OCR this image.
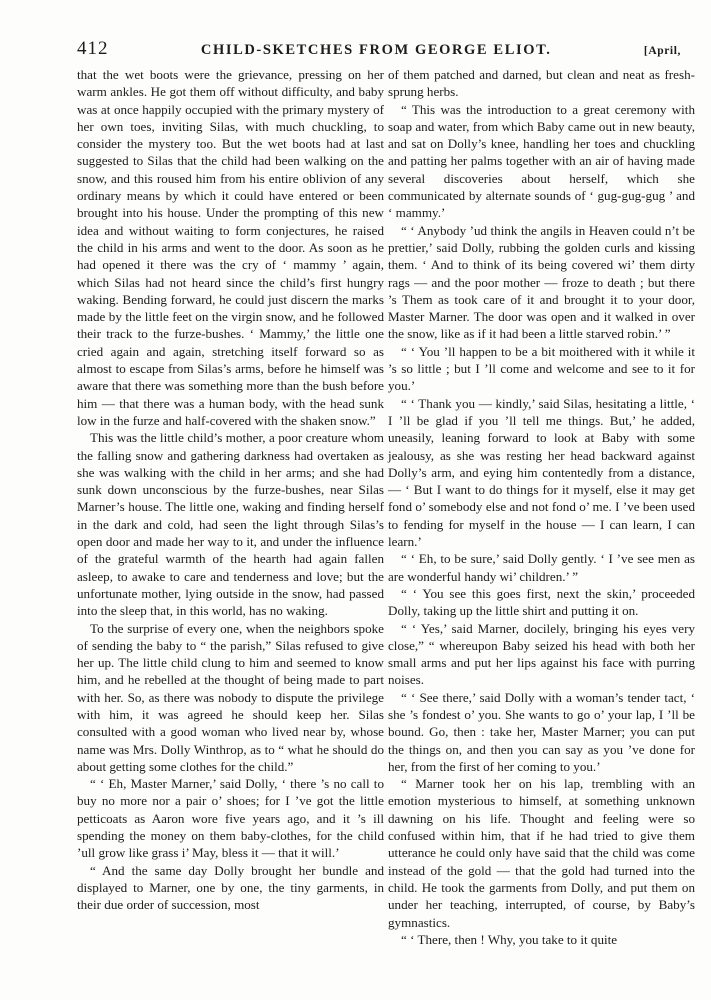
412	CHILD-SKETCHES FROM GEORGE ELIOT.	[April,

that the wet boots were the grievance, pressing on her warm ankles. He got them off without difficulty, and baby was at once happily occupied with the primary mystery of her own toes, inviting Silas, with much chuckling, to consider the mystery too. But the wet boots had at last suggested to Silas that the child had been walking on the snow, and this roused him from his entire oblivion of any ordinary means by which it could have entered or been brought into his house. Under the prompting of this new idea and without waiting to form conjectures, he raised the child in his arms and went to the door. As soon as he had opened it there was the cry of ‘ mammy ’ again, which Silas had not heard since the child’s first hungry waking. Bending forward, he could just discern the marks made by the little feet on the virgin snow, and he followed their track to the furze-bushes. ‘ Mammy,’ the little one cried again and again, stretching itself forward so as almost to escape from Silas’s arms, before he himself was aware that there was something more than the bush before him — that there was a human body, with the head sunk low in the furze and half-covered with the shaken snow.”

This was the little child’s mother, a poor creature whom the falling snow and gathering darkness had overtaken as she was walking with the child in her arms; and she had sunk down unconscious by the furze-bushes, near Silas Marner’s house. The little one, waking and finding herself in the dark and cold, had seen the light through Silas’s open door and made her way to it, and under the influence of the grateful warmth of the hearth had again fallen asleep, to awake to care and tenderness and love; but the unfortunate mother, lying outside in the snow, had passed into the sleep that, in this world, has no waking.

To the surprise of every one, when the neighbors spoke of sending the baby to “ the parish,” Silas refused to give her up. The little child clung to him and seemed to know him, and he rebelled at the thought of being made to part with her. So, as there was nobody to dispute the privilege with him, it was agreed he should keep her. Silas consulted with a good woman who lived near by, whose name was Mrs. Dolly Winthrop, as to “ what he should do about getting some clothes for the child.”

“ ‘ Eh, Master Marner,’ said Dolly, ‘ there ’s no call to buy no more nor a pair o’ shoes; for I ’ve got the little petticoats as Aaron wore five years ago, and it ’s ill spending the money on them baby-clothes, for the child ’ull grow like grass i’ May, bless it — that it will.’

“ And the same day Dolly brought her bundle and displayed to Marner, one by one, the tiny garments, in their due order of succession, most

of them patched and darned, but clean and neat as fresh-sprung herbs.

“ This was the introduction to a great ceremony with soap and water, from which Baby came out in new beauty, and sat on Dolly’s knee, handling her toes and chuckling and patting her palms together with an air of having made several discoveries about herself, which she communicated by alternate sounds of ‘ gug-gug-gug ’ and ‘ mammy.’

“ ‘ Anybody ’ud think the angils in Heaven could n’t be prettier,’ said Dolly, rubbing the golden curls and kissing them. ‘ And to think of its being covered wi’ them dirty rags — and the poor mother — froze to death ; but there ’s Them as took care of it and brought it to your door, Master Marner. The door was open and it walked in over the snow, like as if it had been a little starved robin.’ ”

“ ‘ You ’ll happen to be a bit moithered with it while it ’s so little ; but I ’ll come and welcome and see to it for you.’

“ ‘ Thank you — kindly,’ said Silas, hesitating a little, ‘ I ’ll be glad if you ’ll tell me things. But,’ he added, uneasily, leaning forward to look at Baby with some jealousy, as she was resting her head backward against Dolly’s arm, and eying him contentedly from a distance, — ‘ But I want to do things for it myself, else it may get fond o’ somebody else and not fond o’ me. I ’ve been used to fending for myself in the house — I can learn, I can learn.’

“ ‘ Eh, to be sure,’ said Dolly gently. ‘ I ’ve see men as are wonderful handy wi’ children.’ ”

“ ‘ You see this goes first, next the skin,’ proceeded Dolly, taking up the little shirt and putting it on.

“ ‘ Yes,’ said Marner, docilely, bringing his eyes very close,” “ whereupon Baby seized his head with both her small arms and put her lips against his face with purring noises.

“ ‘ See there,’ said Dolly with a woman’s tender tact, ‘ she ’s fondest o’ you. She wants to go o’ your lap, I ’ll be bound. Go, then : take her, Master Marner; you can put the things on, and then you can say as you ’ve done for her, from the first of her coming to you.’

“ Marner took her on his lap, trembling with an emotion mysterious to himself, at something unknown dawning on his life. Thought and feeling were so confused within him, that if he had tried to give them utterance he could only have said that the child was come instead of the gold — that the gold had turned into the child. He took the garments from Dolly, and put them on under her teaching, interrupted, of course, by Baby’s gymnastics.

“ ‘ There, then ! Why, you take to it quite
